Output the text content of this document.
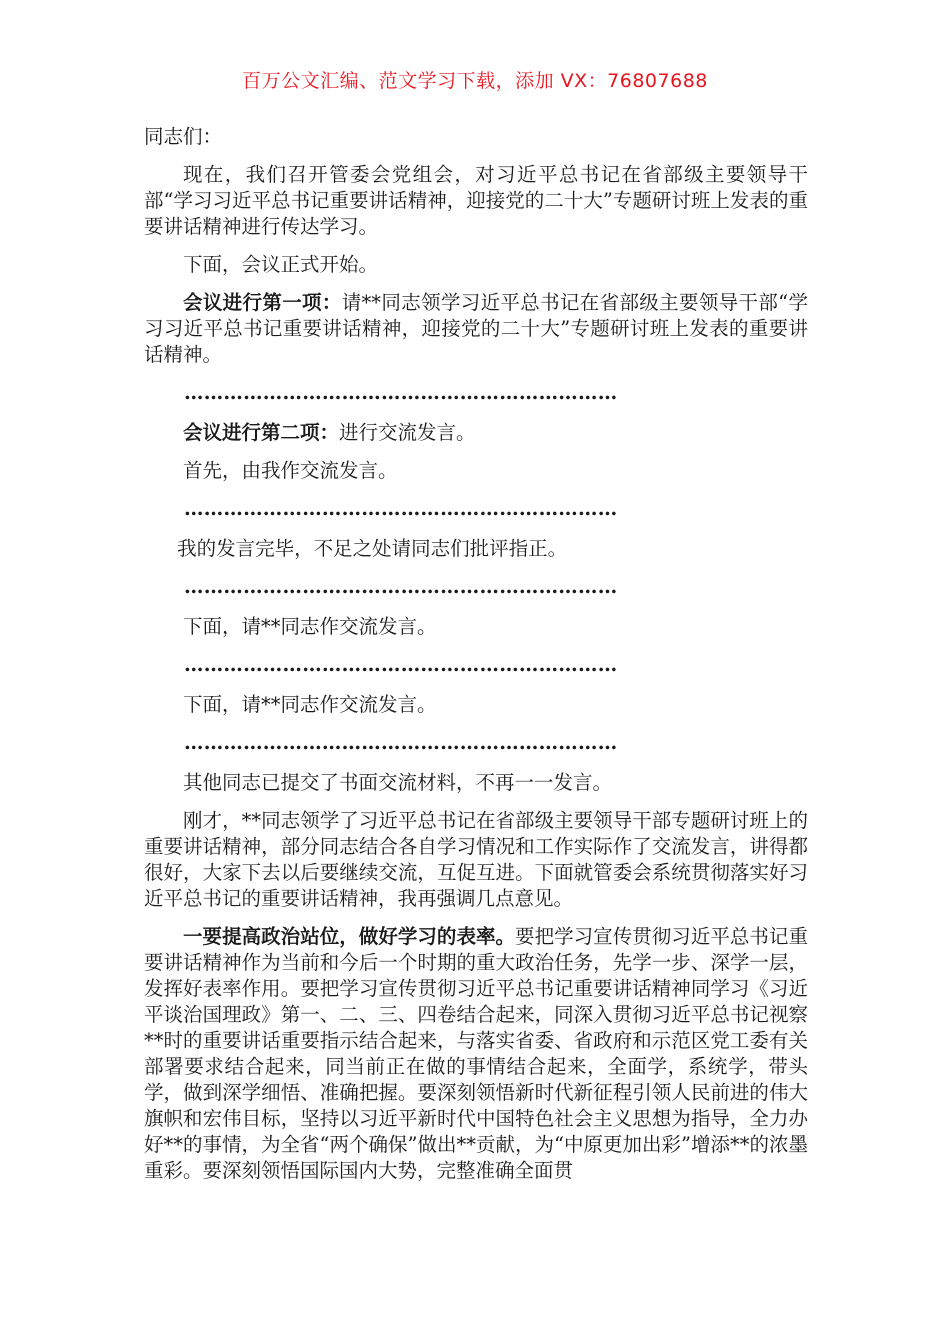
百万公文汇编、范文学习下载，添加 VX：76807688

同志们：

现在，我们召开管委会党组会，对习近平总书记在省部级主要领导干部“学习习近平总书记重要讲话精神，迎接党的二十大”专题研讨班上发表的重要讲话精神进行传达学习。

下面，会议正式开始。

会议进行第一项：请**同志领学习近平总书记在省部级主要领导干部“学习习近平总书记重要讲话精神，迎接党的二十大”专题研讨班上发表的重要讲话精神。

…………………………………………………………

会议进行第二项：进行交流发言。

首先，由我作交流发言。

…………………………………………………………

我的发言完毕，不足之处请同志们批评指正。

…………………………………………………………

下面，请**同志作交流发言。

…………………………………………………………

下面，请**同志作交流发言。

…………………………………………………………

其他同志已提交了书面交流材料，不再一一发言。

刚才，**同志领学了习近平总书记在省部级主要领导干部专题研讨班上的重要讲话精神，部分同志结合各自学习情况和工作实际作了交流发言，讲得都很好，大家下去以后要继续交流，互促互进。下面就管委会系统贯彻落实好习近平总书记的重要讲话精神，我再强调几点意见。

一要提高政治站位，做好学习的表率。要把学习宣传贯彻习近平总书记重要讲话精神作为当前和今后一个时期的重大政治任务，先学一步、深学一层，发挥好表率作用。要把学习宣传贯彻习近平总书记重要讲话精神同学习《习近平谈治国理政》第一、二、三、四卷结合起来，同深入贯彻习近平总书记视察**时的重要讲话重要指示结合起来，与落实省委、省政府和示范区党工委有关部署要求结合起来，同当前正在做的事情结合起来，全面学，系统学，带头学，做到深学细悟、准确把握。要深刻领悟新时代新征程引领人民前进的伟大旗帜和宏伟目标，坚持以习近平新时代中国特色社会主义思想为指导，全力办好**的事情，为全省“两个确保”做出**贡献，为“中原更加出彩”增添**的浓墨重彩。要深刻领悟国际国内大势，完整准确全面贯
